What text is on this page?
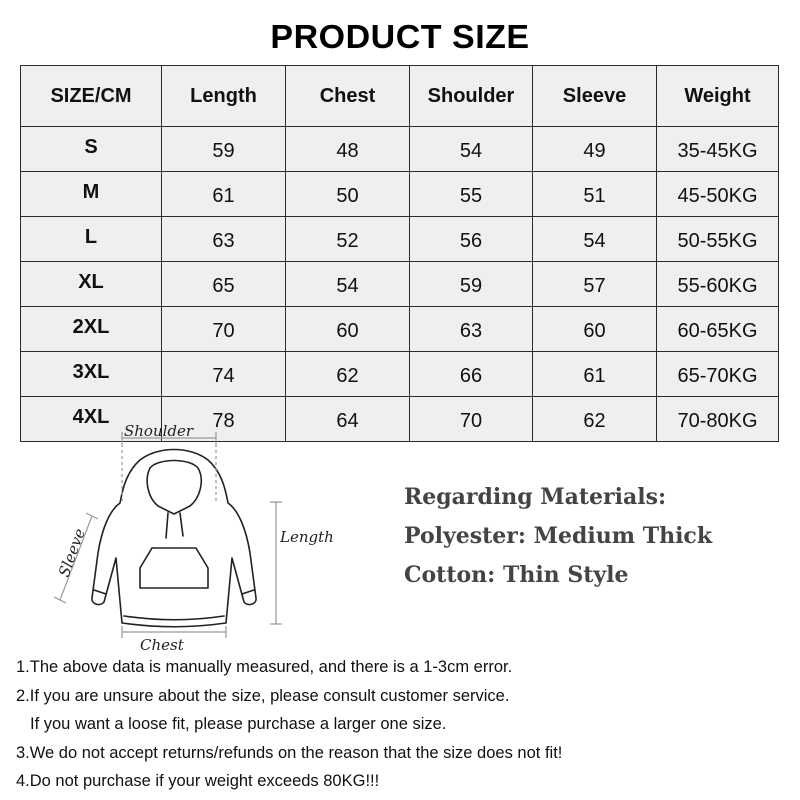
PRODUCT SIZE
SIZE/CM	Length	Chest	Shoulder	Sleeve	Weight
S	59	48	54	49	35-45KG
M	61	50	55	51	45-50KG
L	63	52	56	54	50-55KG
XL	65	54	59	57	55-60KG
2XL	70	60	63	60	60-65KG
3XL	74	62	66	61	65-70KG
4XL	78	64	70	62	70-80KG
Shoulder
Length
Sleeve
Chest
Regarding Materials:
Polyester: Medium Thick
Cotton: Thin Style
1.The above data is manually measured, and there is a 1-3cm error.
2.If you are unsure about the size, please consult customer service.
If you want a loose fit, please purchase a larger one size.
3.We do not accept returns/refunds on the reason that the size does not fit!
4.Do not purchase if your weight exceeds 80KG!!!
